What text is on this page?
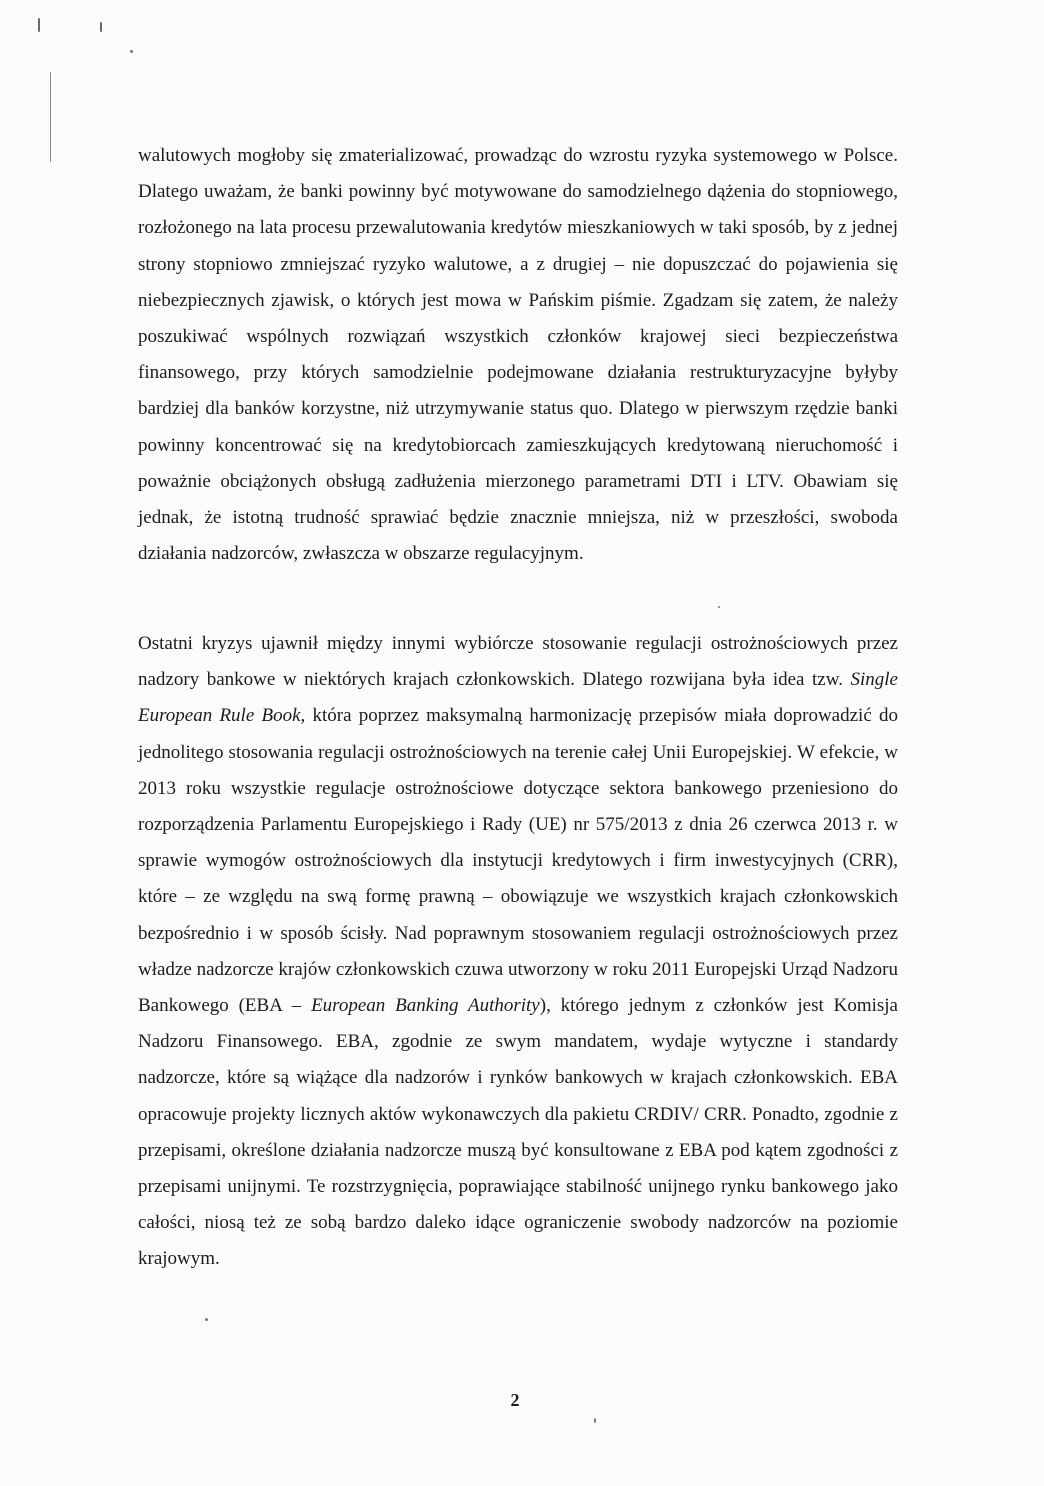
walutowych mogłoby się zmaterializować, prowadząc do wzrostu ryzyka systemowego w Polsce. Dlatego uważam, że banki powinny być motywowane do samodzielnego dążenia do stopniowego, rozłożonego na lata procesu przewalutowania kredytów mieszkaniowych w taki sposób, by z jednej strony stopniowo zmniejszać ryzyko walutowe, a z drugiej – nie dopuszczać do pojawienia się niebezpiecznych zjawisk, o których jest mowa w Pańskim piśmie. Zgadzam się zatem, że należy poszukiwać wspólnych rozwiązań wszystkich członków krajowej sieci bezpieczeństwa finansowego, przy których samodzielnie podejmowane działania restrukturyzacyjne byłyby bardziej dla banków korzystne, niż utrzymywanie status quo. Dlatego w pierwszym rzędzie banki powinny koncentrować się na kredytobiorcach zamieszkujących kredytowaną nieruchomość i poważnie obciążonych obsługą zadłużenia mierzonego parametrami DTI i LTV. Obawiam się jednak, że istotną trudność sprawiać będzie znacznie mniejsza, niż w przeszłości, swoboda działania nadzorców, zwłaszcza w obszarze regulacyjnym.

Ostatni kryzys ujawnił między innymi wybiórcze stosowanie regulacji ostrożnościowych przez nadzory bankowe w niektórych krajach członkowskich. Dlatego rozwijana była idea tzw. Single European Rule Book, która poprzez maksymalną harmonizację przepisów miała doprowadzić do jednolitego stosowania regulacji ostrożnościowych na terenie całej Unii Europejskiej. W efekcie, w 2013 roku wszystkie regulacje ostrożnościowe dotyczące sektora bankowego przeniesiono do rozporządzenia Parlamentu Europejskiego i Rady (UE) nr 575/2013 z dnia 26 czerwca 2013 r. w sprawie wymogów ostrożnościowych dla instytucji kredytowych i firm inwestycyjnych (CRR), które – ze względu na swą formę prawną – obowiązuje we wszystkich krajach członkowskich bezpośrednio i w sposób ścisły. Nad poprawnym stosowaniem regulacji ostrożnościowych przez władze nadzorcze krajów członkowskich czuwa utworzony w roku 2011 Europejski Urząd Nadzoru Bankowego (EBA – European Banking Authority), którego jednym z członków jest Komisja Nadzoru Finansowego. EBA, zgodnie ze swym mandatem, wydaje wytyczne i standardy nadzorcze, które są wiążące dla nadzorów i rynków bankowych w krajach członkowskich. EBA opracowuje projekty licznych aktów wykonawczych dla pakietu CRDIV/ CRR. Ponadto, zgodnie z przepisami, określone działania nadzorcze muszą być konsultowane z EBA pod kątem zgodności z przepisami unijnymi. Te rozstrzygnięcia, poprawiające stabilność unijnego rynku bankowego jako całości, niosą też ze sobą bardzo daleko idące ograniczenie swobody nadzorców na poziomie krajowym.

2
